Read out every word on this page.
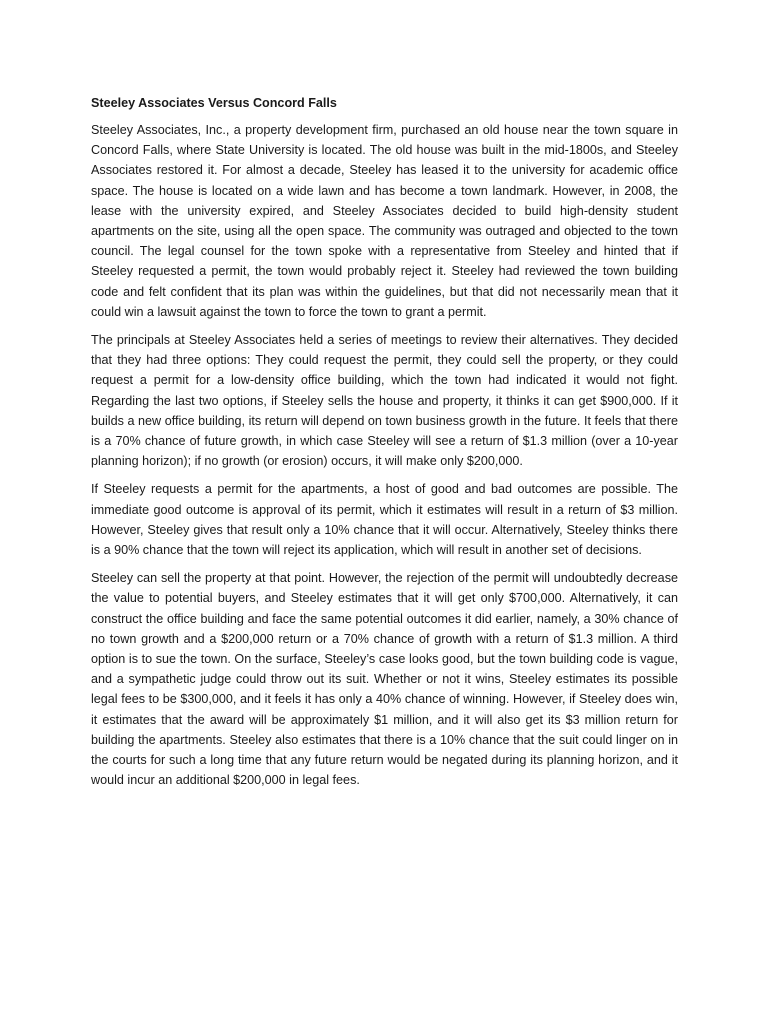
Steeley Associates Versus Concord Falls

Steeley Associates, Inc., a property development firm, purchased an old house near the town square in Concord Falls, where State University is located. The old house was built in the mid-1800s, and Steeley Associates restored it. For almost a decade, Steeley has leased it to the university for academic office space. The house is located on a wide lawn and has become a town landmark. However, in 2008, the lease with the university expired, and Steeley Associates decided to build high-density student apartments on the site, using all the open space. The community was outraged and objected to the town council. The legal counsel for the town spoke with a representative from Steeley and hinted that if Steeley requested a permit, the town would probably reject it. Steeley had reviewed the town building code and felt confident that its plan was within the guidelines, but that did not necessarily mean that it could win a lawsuit against the town to force the town to grant a permit.

The principals at Steeley Associates held a series of meetings to review their alternatives. They decided that they had three options: They could request the permit, they could sell the property, or they could request a permit for a low-density office building, which the town had indicated it would not fight. Regarding the last two options, if Steeley sells the house and property, it thinks it can get $900,000. If it builds a new office building, its return will depend on town business growth in the future. It feels that there is a 70% chance of future growth, in which case Steeley will see a return of $1.3 million (over a 10-year planning horizon); if no growth (or erosion) occurs, it will make only $200,000.

If Steeley requests a permit for the apartments, a host of good and bad outcomes are possible. The immediate good outcome is approval of its permit, which it estimates will result in a return of $3 million. However, Steeley gives that result only a 10% chance that it will occur. Alternatively, Steeley thinks there is a 90% chance that the town will reject its application, which will result in another set of decisions.

Steeley can sell the property at that point. However, the rejection of the permit will undoubtedly decrease the value to potential buyers, and Steeley estimates that it will get only $700,000. Alternatively, it can construct the office building and face the same potential outcomes it did earlier, namely, a 30% chance of no town growth and a $200,000 return or a 70% chance of growth with a return of $1.3 million. A third option is to sue the town. On the surface, Steeley’s case looks good, but the town building code is vague, and a sympathetic judge could throw out its suit. Whether or not it wins, Steeley estimates its possible legal fees to be $300,000, and it feels it has only a 40% chance of winning. However, if Steeley does win, it estimates that the award will be approximately $1 million, and it will also get its $3 million return for building the apartments. Steeley also estimates that there is a 10% chance that the suit could linger on in the courts for such a long time that any future return would be negated during its planning horizon, and it would incur an additional $200,000 in legal fees.
